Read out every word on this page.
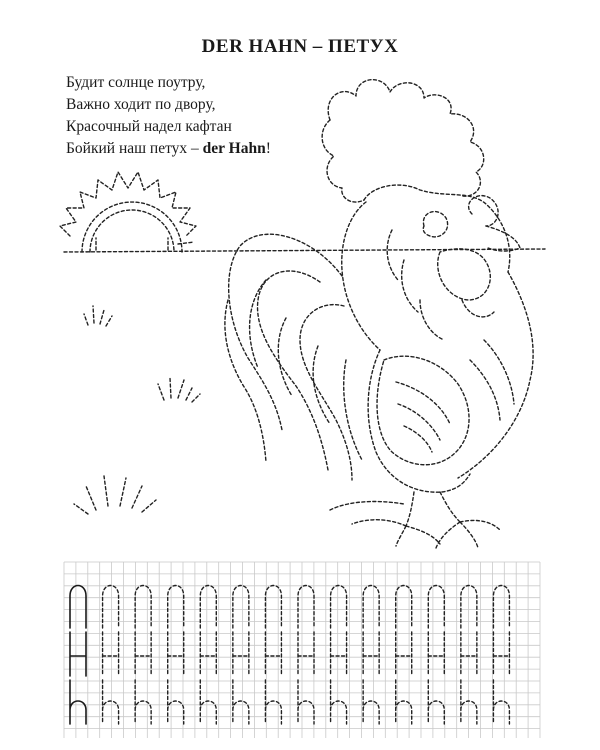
DER HAHN – ПЕТУХ
Будит солнце поутру,
Важно ходит по двору,
Красочный надел кафтан
Бойкий наш петух – der Hahn!
